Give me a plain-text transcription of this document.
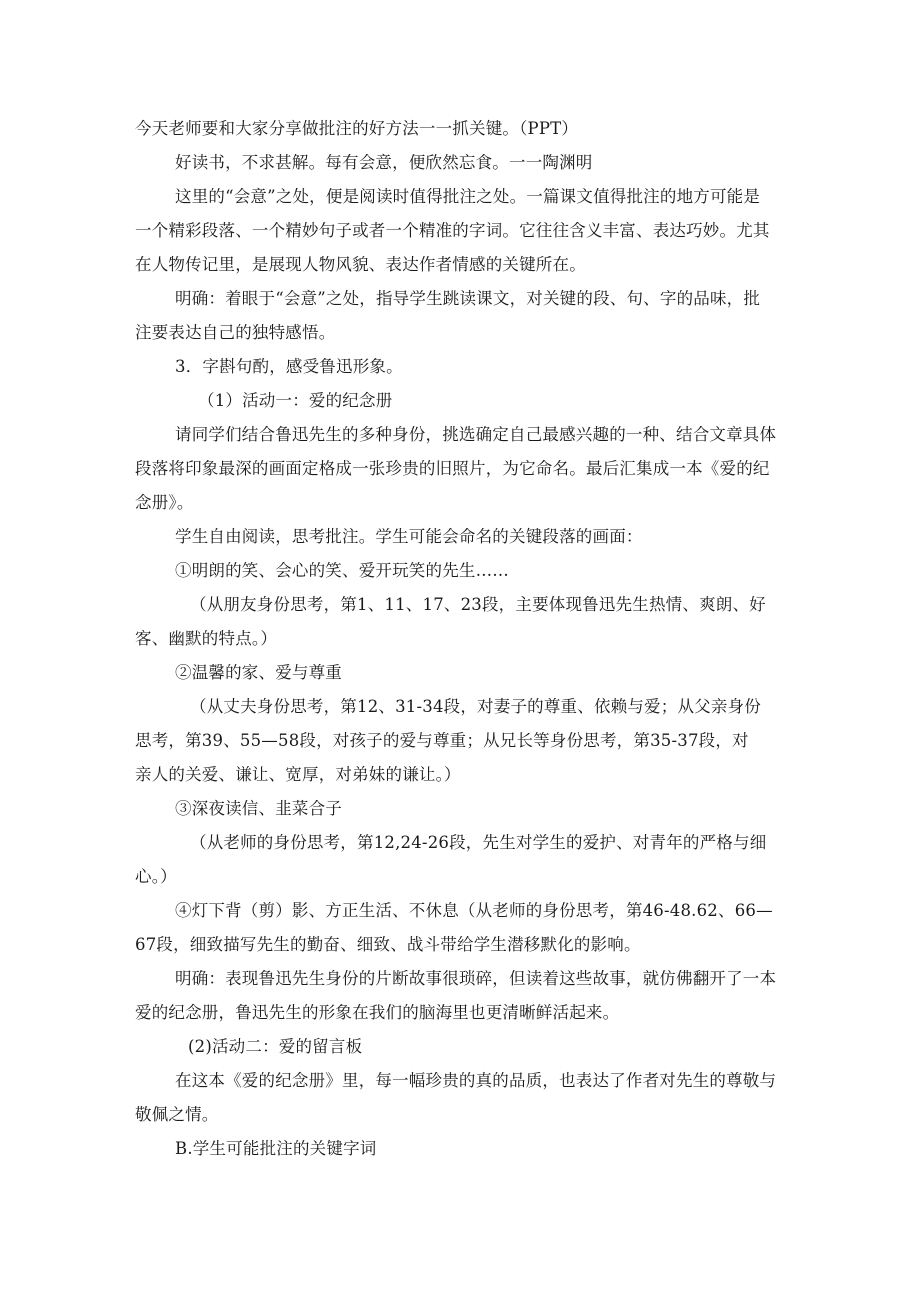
今天老师要和大家分享做批注的好方法一一抓关键。（PPT）
好读书，不求甚解。每有会意，便欣然忘食。一一陶渊明
这里的“会意”之处，便是阅读时值得批注之处。一篇课文值得批注的地方可能是
一个精彩段落、一个精妙句子或者一个精准的字词。它往往含义丰富、表达巧妙。尤其
在人物传记里，是展现人物风貌、表达作者情感的关键所在。
明确：着眼于“会意”之处，指导学生跳读课文，对关键的段、句、字的品味，批
注要表达自己的独特感悟。
3．字斟句酌，感受鲁迅形象。
（1）活动一：爱的纪念册
请同学们结合鲁迅先生的多种身份，挑选确定自己最感兴趣的一种、结合文章具体
段落将印象最深的画面定格成一张珍贵的旧照片，为它命名。最后汇集成一本《爱的纪
念册》。
学生自由阅读，思考批注。学生可能会命名的关键段落的画面：
①明朗的笑、会心的笑、爱开玩笑的先生……
（从朋友身份思考，第1、11、17、23段，主要体现鲁迅先生热情、爽朗、好
客、幽默的特点。）
②温馨的家、爱与尊重
（从丈夫身份思考，第12、31-34段，对妻子的尊重、依赖与爱；从父亲身份
思考，第39、55—58段，对孩子的爱与尊重；从兄长等身份思考，第35-37段，对
亲人的关爱、谦让、宽厚，对弟妹的谦让。）
③深夜读信、韭菜合子
（从老师的身份思考，第12,24-26段，先生对学生的爱护、对青年的严格与细
心。）
④灯下背（剪）影、方正生活、不休息（从老师的身份思考，第46-48.62、66—
67段，细致描写先生的勤奋、细致、战斗带给学生潜移默化的影响。
明确：表现鲁迅先生身份的片断故事很琐碎，但读着这些故事，就仿佛翻开了一本
爱的纪念册，鲁迅先生的形象在我们的脑海里也更清晰鲜活起来。
(2)活动二：爱的留言板
在这本《爱的纪念册》里，每一幅珍贵的真的品质，也表达了作者对先生的尊敬与
敬佩之情。
B.学生可能批注的关键字词
